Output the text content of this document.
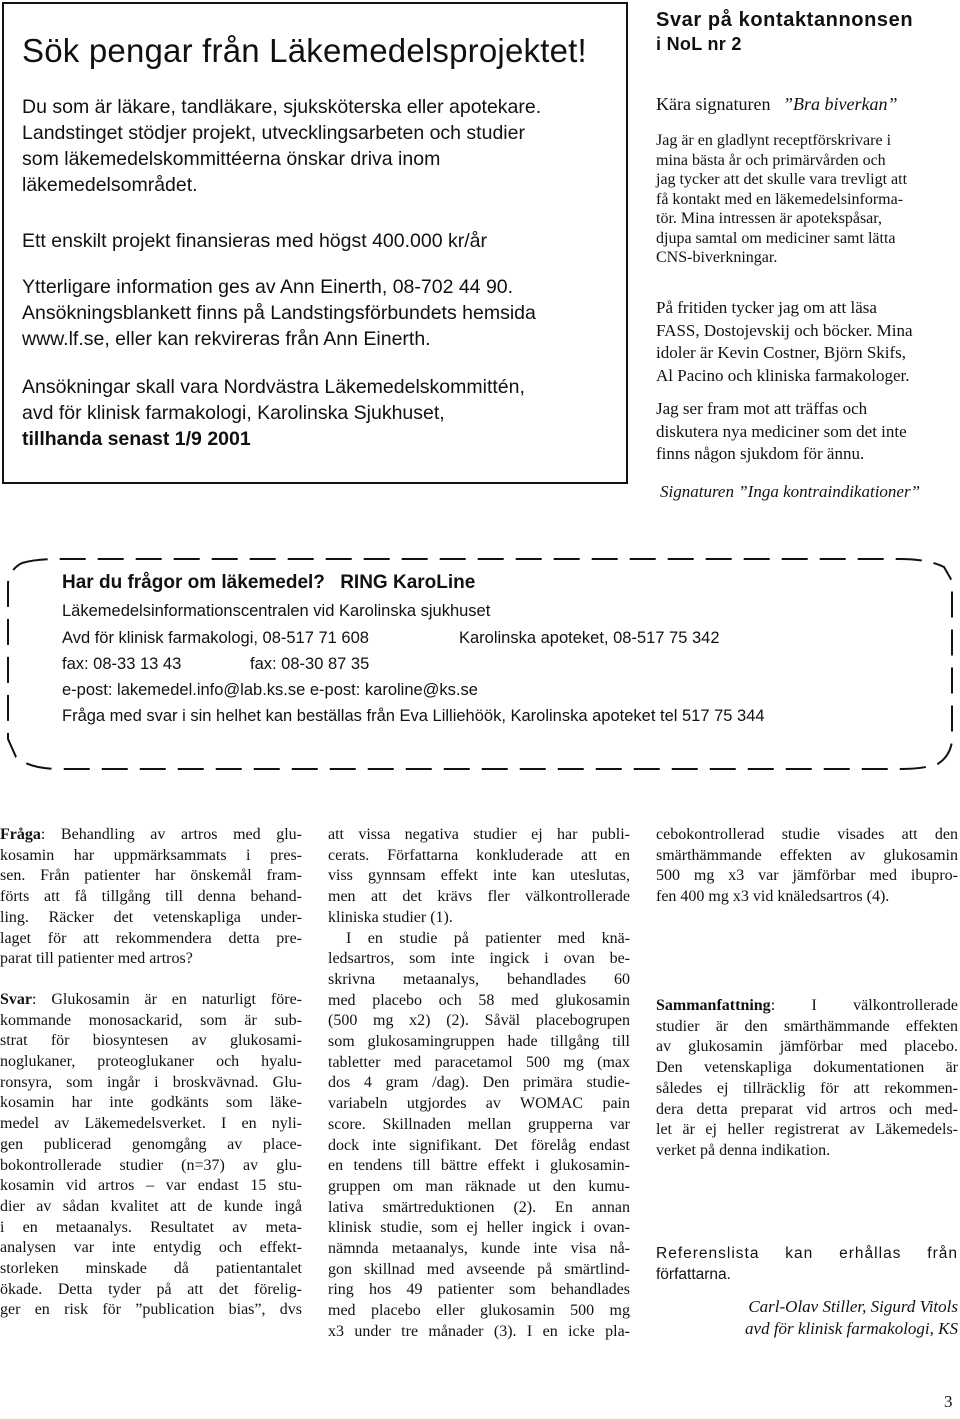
Sök pengar från Läkemedelsprojektet!
Du som är läkare, tandläkare, sjuksköterska eller apotekare.
Landstinget stödjer projekt, utvecklingsarbeten och studier
som läkemedelskommittéerna önskar driva inom
läkemedelsområdet.
Ett enskilt projekt finansieras med högst 400.000 kr/år
Ytterligare information ges av Ann Einerth, 08-702 44 90.
Ansökningsblankett finns på Landstingsförbundets hemsida
www.lf.se, eller kan rekvireras från Ann Einerth.
Ansökningar skall vara Nordvästra Läkemedelskommittén,
avd för klinisk farmakologi, Karolinska Sjukhuset,
tillhanda senast 1/9 2001
Svar på kontaktannonsen
i NoL nr 2
Kära signaturen ”Bra biverkan”
Jag är en gladlynt receptförskrivare i
mina bästa år och primärvården och
jag tycker att det skulle vara trevligt att
få kontakt med en läkemedelsinforma-
tör. Mina intressen är apotekspåsar,
djupa samtal om mediciner samt lätta
CNS-biverkningar.
På fritiden tycker jag om att läsa
FASS, Dostojevskij och böcker. Mina
idoler är Kevin Costner, Björn Skifs,
Al Pacino och kliniska farmakologer.
Jag ser fram mot att träffas och
diskutera nya mediciner som det inte
finns någon sjukdom för ännu.
Signaturen ”Inga kontraindikationer”
Har du frågor om läkemedel? RING KaroLine
Läkemedelsinformationscentralen vid Karolinska sjukhuset
Avd för klinisk farmakologi, 08-517 71 608	Karolinska apoteket, 08-517 75 342
fax: 08-33 13 43	fax: 08-30 87 35
e-post: lakemedel.info@lab.ks.se e-post: karoline@ks.se
Fråga med svar i sin helhet kan beställas från Eva Lilliehöök, Karolinska apoteket tel 517 75 344
Fråga: Behandling av artros med glu-
kosamin har uppmärksammats i pres-
sen. Från patienter har önskemål fram-
förts att få tillgång till denna behand-
ling. Räcker det vetenskapliga under-
laget för att rekommendera detta pre-
parat till patienter med artros?
Svar: Glukosamin är en naturligt före-
kommande monosackarid, som är sub-
strat för biosyntesen av glukosami-
noglukaner, proteoglukaner och hyalu-
ronsyra, som ingår i broskvävnad. Glu-
kosamin har inte godkänts som läke-
medel av Läkemedelsverket. I en nyli-
gen publicerad genomgång av place-
bokontrollerade studier (n=37) av glu-
kosamin vid artros – var endast 15 stu-
dier av sådan kvalitet att de kunde ingå
i en metaanalys. Resultatet av meta-
analysen var inte entydig och effekt-
storleken minskade då patientantalet
ökade. Detta tyder på att det förelig-
ger en risk för ”publication bias”, dvs
att vissa negativa studier ej har publi-
cerats. Författarna konkluderade att en
viss gynnsam effekt inte kan uteslutas,
men att det krävs fler välkontrollerade
kliniska studier (1).
I en studie på patienter med knä-
ledsartros, som inte ingick i ovan be-
skrivna metaanalys, behandlades 60
med placebo och 58 med glukosamin
(500 mg x2) (2). Såväl placebogrupen
som glukosamingruppen hade tillgång till
tabletter med paracetamol 500 mg (max
dos 4 gram /dag). Den primära studie-
variabeln utgjordes av WOMAC pain
score. Skillnaden mellan grupperna var
dock inte signifikant. Det förelåg endast
en tendens till bättre effekt i glukosamin-
gruppen om man räknade ut den kumu-
lativa smärtreduktionen (2). En annan
klinisk studie, som ej heller ingick i ovan-
nämnda metaanalys, kunde inte visa nå-
gon skillnad med avseende på smärtlind-
ring hos 49 patienter som behandlades
med placebo eller glukosamin 500 mg
x3 under tre månader (3). I en icke pla-
cebokontrollerad studie visades att den
smärthämmande effekten av glukosamin
500 mg x3 var jämförbar med ibupro-
fen 400 mg x3 vid knäledsartros (4).
Sammanfattning: I välkontrollerade
studier är den smärthämmande effekten
av glukosamin jämförbar med placebo.
Den vetenskapliga dokumentationen är
således ej tillräcklig för att rekommen-
dera detta preparat vid artros och med-
let är ej heller registrerat av Läkemedels-
verket på denna indikation.
Referenslista kan erhållas från
författarna.
Carl-Olav Stiller, Sigurd Vitols
avd för klinisk farmakologi, KS
3
